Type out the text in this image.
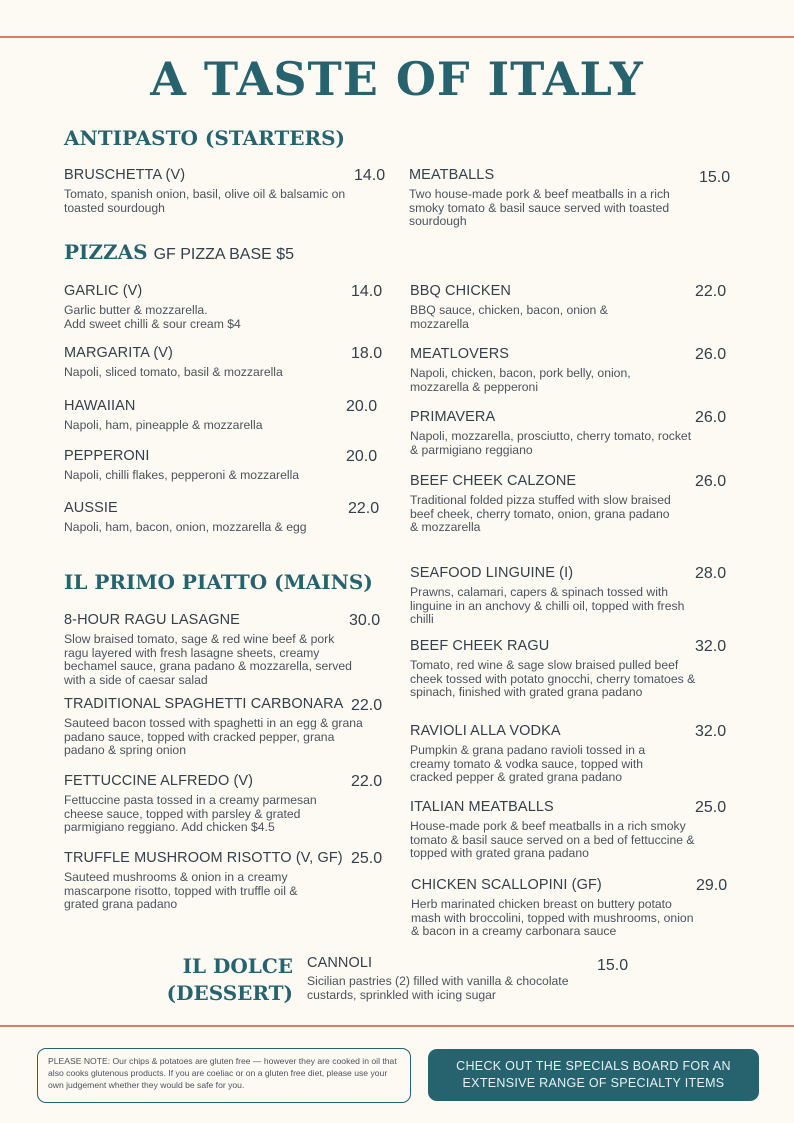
A TASTE OF ITALY
ANTIPASTO (STARTERS)
BRUSCHETTA (V)	14.0
Tomato, spanish onion, basil, olive oil & balsamic on toasted sourdough
MEATBALLS	15.0
Two house-made pork & beef meatballs in a rich smoky tomato & basil sauce served with toasted sourdough
PIZZAS GF PIZZA BASE $5
GARLIC (V)	14.0
Garlic butter & mozzarella.
Add sweet chilli & sour cream $4
MARGARITA (V)	18.0
Napoli, sliced tomato, basil & mozzarella
HAWAIIAN	20.0
Napoli, ham, pineapple & mozzarella
PEPPERONI	20.0
Napoli, chilli flakes, pepperoni & mozzarella
AUSSIE	22.0
Napoli, ham, bacon, onion, mozzarella & egg
BBQ CHICKEN	22.0
BBQ sauce, chicken, bacon, onion & mozzarella
MEATLOVERS	26.0
Napoli, chicken, bacon, pork belly, onion, mozzarella & pepperoni
PRIMAVERA	26.0
Napoli, mozzarella, prosciutto, cherry tomato, rocket & parmigiano reggiano
BEEF CHEEK CALZONE	26.0
Traditional folded pizza stuffed with slow braised beef cheek, cherry tomato, onion, grana padano & mozzarella
IL PRIMO PIATTO (MAINS)
8-HOUR RAGU LASAGNE	30.0
Slow braised tomato, sage & red wine beef & pork ragu layered with fresh lasagne sheets, creamy bechamel sauce, grana padano & mozzarella, served with a side of caesar salad
TRADITIONAL SPAGHETTI CARBONARA 22.0
Sauteed bacon tossed with spaghetti in an egg & grana padano sauce, topped with cracked pepper, grana padano & spring onion
FETTUCCINE ALFREDO (V)	22.0
Fettuccine pasta tossed in a creamy parmesan cheese sauce, topped with parsley & grated parmigiano reggiano. Add chicken $4.5
TRUFFLE MUSHROOM RISOTTO (V, GF) 25.0
Sauteed mushrooms & onion in a creamy mascarpone risotto, topped with truffle oil & grated grana padano
SEAFOOD LINGUINE (I)	28.0
Prawns, calamari, capers & spinach tossed with linguine in an anchovy & chilli oil, topped with fresh chilli
BEEF CHEEK RAGU	32.0
Tomato, red wine & sage slow braised pulled beef cheek tossed with potato gnocchi, cherry tomatoes & spinach, finished with grated grana padano
RAVIOLI ALLA VODKA	32.0
Pumpkin & grana padano ravioli tossed in a creamy tomato & vodka sauce, topped with cracked pepper & grated grana padano
ITALIAN MEATBALLS	25.0
House-made pork & beef meatballs in a rich smoky tomato & basil sauce served on a bed of fettuccine & topped with grated grana padano
CHICKEN SCALLOPINI (GF)	29.0
Herb marinated chicken breast on buttery potato mash with broccolini, topped with mushrooms, onion & bacon in a creamy carbonara sauce
IL DOLCE
(DESSERT)
CANNOLI	15.0
Sicilian pastries (2) filled with vanilla & chocolate custards, sprinkled with icing sugar
PLEASE NOTE: Our chips & potatoes are gluten free — however they are cooked in oil that also cooks glutenous products. If you are coeliac or on a gluten free diet, please use your own judgement whether they would be safe for you.
CHECK OUT THE SPECIALS BOARD FOR AN EXTENSIVE RANGE OF SPECIALTY ITEMS
